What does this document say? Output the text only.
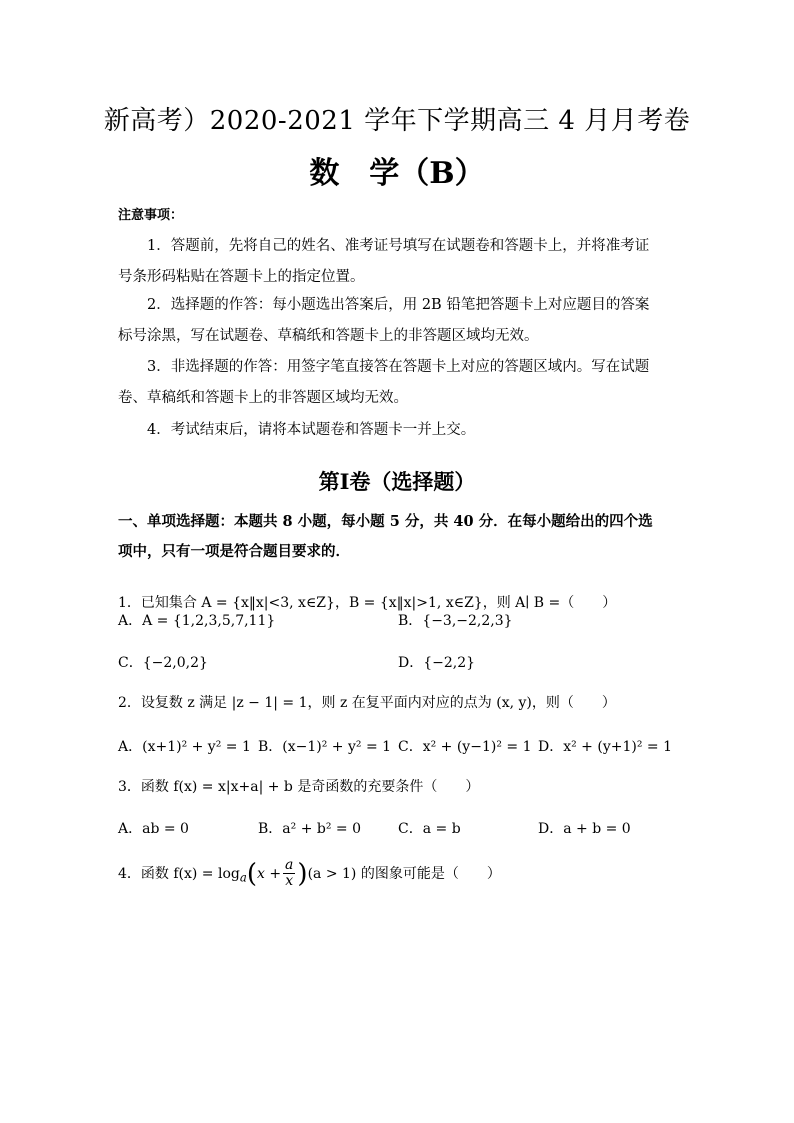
新高考）2020-2021 学年下学期高三 4 月月考卷
数　学（B）
注意事项：
1．答题前，先将自己的姓名、准考证号填写在试题卷和答题卡上，并将准考证
号条形码粘贴在答题卡上的指定位置。
2．选择题的作答：每小题选出答案后，用 2B 铅笔把答题卡上对应题目的答案
标号涂黑，写在试题卷、草稿纸和答题卡上的非答题区域均无效。
3．非选择题的作答：用签字笔直接答在答题卡上对应的答题区域内。写在试题
卷、草稿纸和答题卡上的非答题区域均无效。
4．考试结束后，请将本试题卷和答题卡一并上交。
第Ⅰ卷（选择题）
一、单项选择题：本题共 8 小题，每小题 5 分，共 40 分．在每小题给出的四个选
项中，只有一项是符合题目要求的．
1．已知集合 A = {x‖x|<3, x∈Z}，B = {x‖x|>1, x∈Z}，则 A∣ B =（　　）
A．A = {1,2,3,5,7,11}	B．{−3,−2,2,3}
C．{−2,0,2}	D．{−2,2}
2．设复数 z 满足 |z − 1| = 1，则 z 在复平面内对应的点为 (x, y)，则（　　）
A．(x+1)² + y² = 1 B．(x−1)² + y² = 1 C．x² + (y−1)² = 1 D．x² + (y+1)² = 1
3．函数 f(x) = x|x+a| + b 是奇函数的充要条件（　　）
A．ab = 0	B．a² + b² = 0	C．a = b	D．a + b = 0
4．函数 $f(x) = \log_a(x + \frac{a}{x} )(a > 1)$ 的图象可能是（　　）
